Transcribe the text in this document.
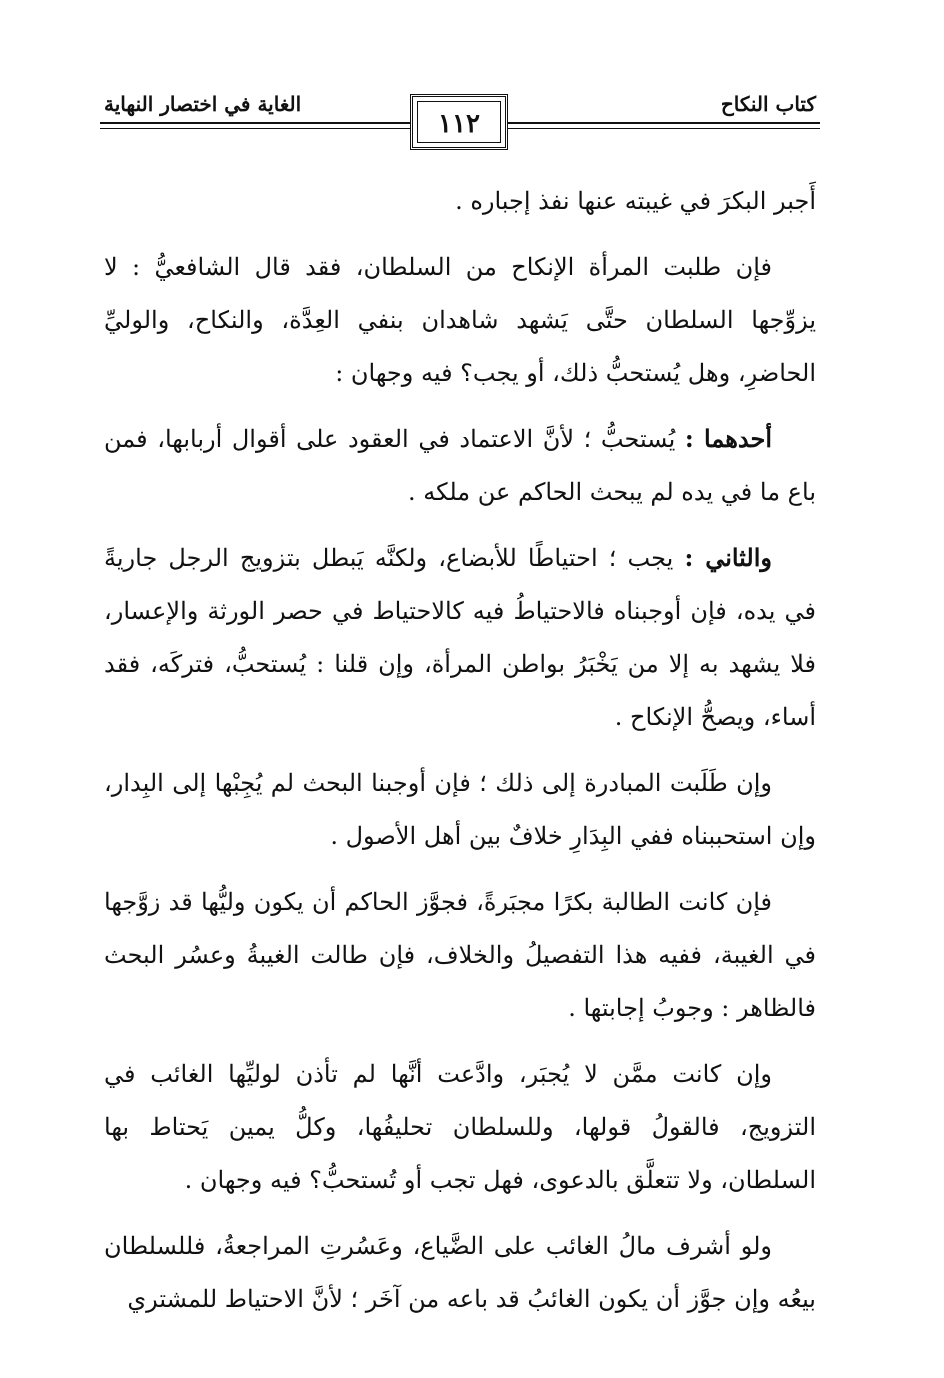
كتاب النكاح
الغاية في اختصار النهاية
١١٢

أَجبر البكرَ في غيبته عنها نفذ إجباره .

فإن طلبت المرأة الإنكاح من السلطان، فقد قال الشافعيُّ : لا يزوِّجها السلطان حتَّى يَشهد شاهدان بنفي العِدَّة، والنكاح، والوليِّ الحاضرِ، وهل يُستحبُّ ذلك، أو يجب؟ فيه وجهان :

أحدهما : يُستحبُّ ؛ لأنَّ الاعتماد في العقود على أقوال أربابها، فمن باع ما في يده لم يبحث الحاكم عن ملكه .

والثاني : يجب ؛ احتياطًا للأبضاع، ولكنَّه يَبطل بتزويج الرجل جاريةً في يده، فإن أوجبناه فالاحتياطُ فيه كالاحتياط في حصر الورثة والإعسار، فلا يشهد به إلا من يَخْبَرُ بواطن المرأة، وإن قلنا : يُستحبُّ، فتركَه، فقد أساء، ويصحُّ الإنكاح .

وإن طَلَبت المبادرة إلى ذلك ؛ فإن أوجبنا البحث لم يُجِبْها إلى البِدار، وإن استحببناه ففي البِدَارِ خلافٌ بين أهل الأصول .

فإن كانت الطالبة بكرًا مجبَرةً، فجوَّز الحاكم أن يكون وليُّها قد زوَّجها في الغيبة، ففيه هذا التفصيلُ والخلاف، فإن طالت الغيبةُ وعسُر البحث فالظاهر : وجوبُ إجابتها .

وإن كانت ممَّن لا يُجبَر، وادَّعت أنَّها لم تأذن لوليِّها الغائب في التزويج، فالقولُ قولها، وللسلطان تحليفُها، وكلُّ يمين يَحتاط بها السلطان، ولا تتعلَّق بالدعوى، فهل تجب أو تُستحبُّ؟ فيه وجهان .

ولو أشرف مالُ الغائب على الضَّياع، وعَسُرتِ المراجعةُ، فللسلطان بيعُه وإن جوَّز أن يكون الغائبُ قد باعه من آخَر ؛ لأنَّ الاحتياط للمشتري
